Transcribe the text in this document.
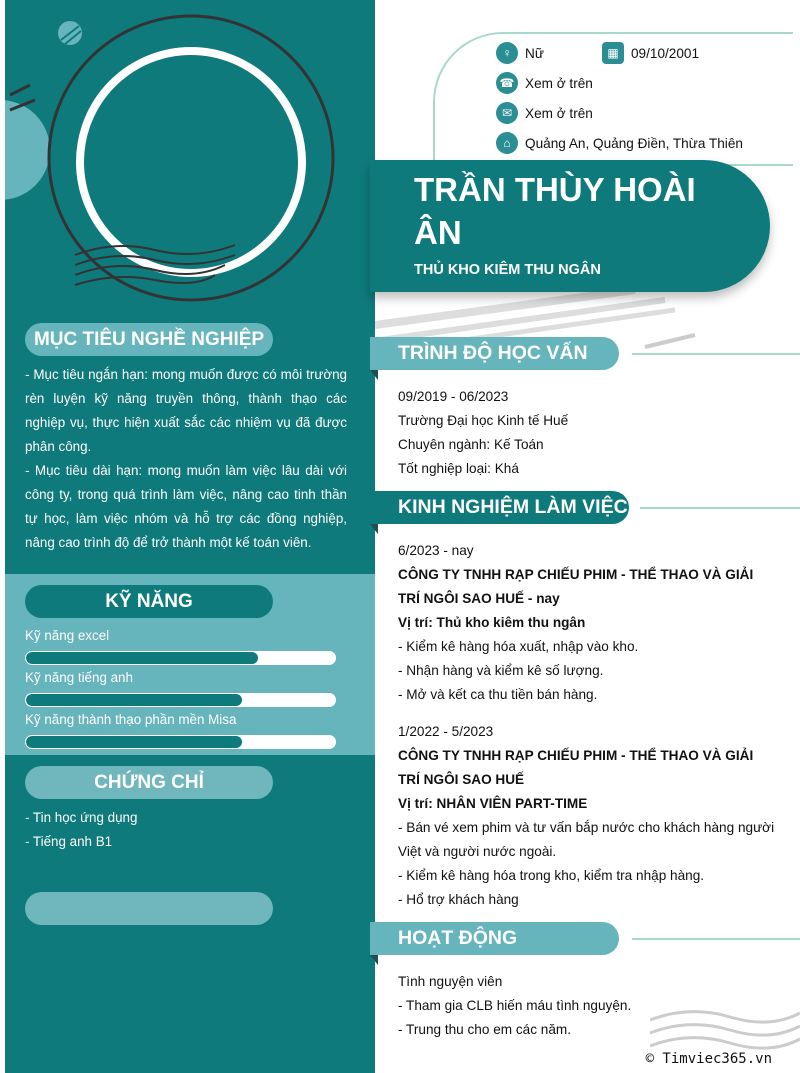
MỤC TIÊU NGHỀ NGHIỆP

- Mục tiêu ngắn hạn: mong muốn được có môi trường rèn luyện kỹ năng truyền thông, thành thạo các nghiệp vụ, thực hiện xuất sắc các nhiệm vụ đã được phân công.

- Mục tiêu dài hạn: mong muốn làm việc lâu dài với công ty, trong quá trình làm việc, nâng cao tinh thần tự học, làm việc nhóm và hỗ trợ các đồng nghiệp, nâng cao trình độ để trở thành một kế toán viên.

KỸ NĂNG
Kỹ năng excel
Kỹ năng tiếng anh
Kỹ năng thành thạo phần mền Misa
CHỨNG CHỈ
- Tin học ứng dụng
- Tiếng anh B1
♀ Nữ	▦ 09/10/2001
☎ Xem ở trên
✉ Xem ở trên
⌂	Quảng An, Quảng Điền, Thừa Thiên
TRẦN THÙY HOÀI ÂN
THỦ KHO KIÊM THU NGÂN
TRÌNH ĐỘ HỌC VẤN
09/2019 - 06/2023
Trường Đại học Kinh tế Huế
Chuyên ngành: Kế Toán
Tốt nghiệp loại: Khá
KINH NGHIỆM LÀM VIỆC
6/2023 - nay
CÔNG TY TNHH RẠP CHIẾU PHIM - THỂ THAO VÀ GIẢI TRÍ NGÔI SAO HUẾ - nay
Vị trí: Thủ kho kiêm thu ngân
- Kiểm kê hàng hóa xuất, nhập vào kho.
- Nhận hàng và kiểm kê số lượng.
- Mở và kết ca thu tiền bán hàng.
1/2022 - 5/2023
CÔNG TY TNHH RẠP CHIẾU PHIM - THỂ THAO VÀ GIẢI TRÍ NGÔI SAO HUẾ
Vị trí: NHÂN VIÊN PART-TIME
- Bán vé xem phim và tư vấn bắp nước cho khách hàng người Việt và người nước ngoài.
- Kiểm kê hàng hóa trong kho, kiểm tra nhập hàng.
- Hổ trợ khách hàng
HOẠT ĐỘNG
Tình nguyện viên
- Tham gia CLB hiến máu tình nguyện.
- Trung thu cho em các năm.
© Timviec365.vn
